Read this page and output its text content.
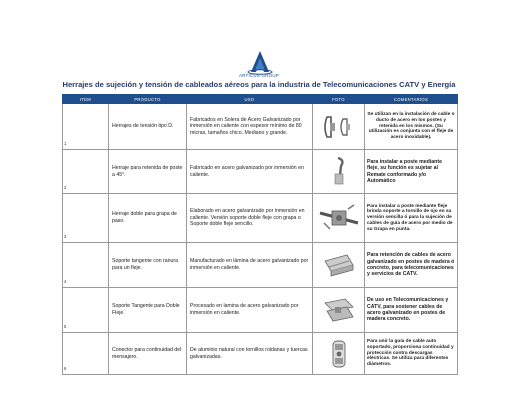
ARTICUS GROUP
Herrajes de sujeción y tensión de cableados aéreos para la industria de Telecomunicaciones CATV y Energía
ITEM	PRODUCTO	USO	FOTO	COMENTARIOS

1	Herrajes de tensión tipo D.	Fabricados en Solera de Acero Galvanizado por inmersión en caliente con espesor mínimo de 80 micras, tamaños chico. Mediano y grande.		Se utilizan en la instalación de cable o ducto de acero en los postes y retenida en los mismos. (Su utilización es conjunta con el fleje de acero inoxidable).

2	Herraje para retenida de poste a 45°.	Fabricado en acero galvanizado por inmersión en caliente.		Para instalar a poste mediante fleje, su función es sujetar al Remate conformado y/o Automático

3	Herraje doble para grapa de paso.	Elaborado en acero galvanizado por inmersión en caliente. Versión soporte doble fleje con grapa o Soporte doble fleje sencillo.		Para instalar a poste mediante fleje brinda soporte a tornillo de ojo en su versión sencilla ó para la sujeción de cables de guía de acero por medio de su Grapa en punta.

4	Soporte tangente con ranura para un fleje.	Manufacturado en lámina de acero galvanizado por inmersión en caliente.		Para retención de cables de acero galvanizado en postes de madera ó concreto, para telecomunicaciones y servicios de CATV.

5	Soporte Tangente para Doble Fleje.	Procesado en lamina de acero galvanizado por inmersión en caliente.		De uso en Telecomunicaciones y CATV, para sostener cables de acero galvanizado en postes de madera concreto.

6	Conector para continuidad del mensajero.	De aluminio natural con tornillos roldanas y tuercas galvanizadas.		Para unir la guía de cable auto soportado, proporciona continuidad y protección contra descargas eléctricas. Se utiliza para diferentes diámetros.
